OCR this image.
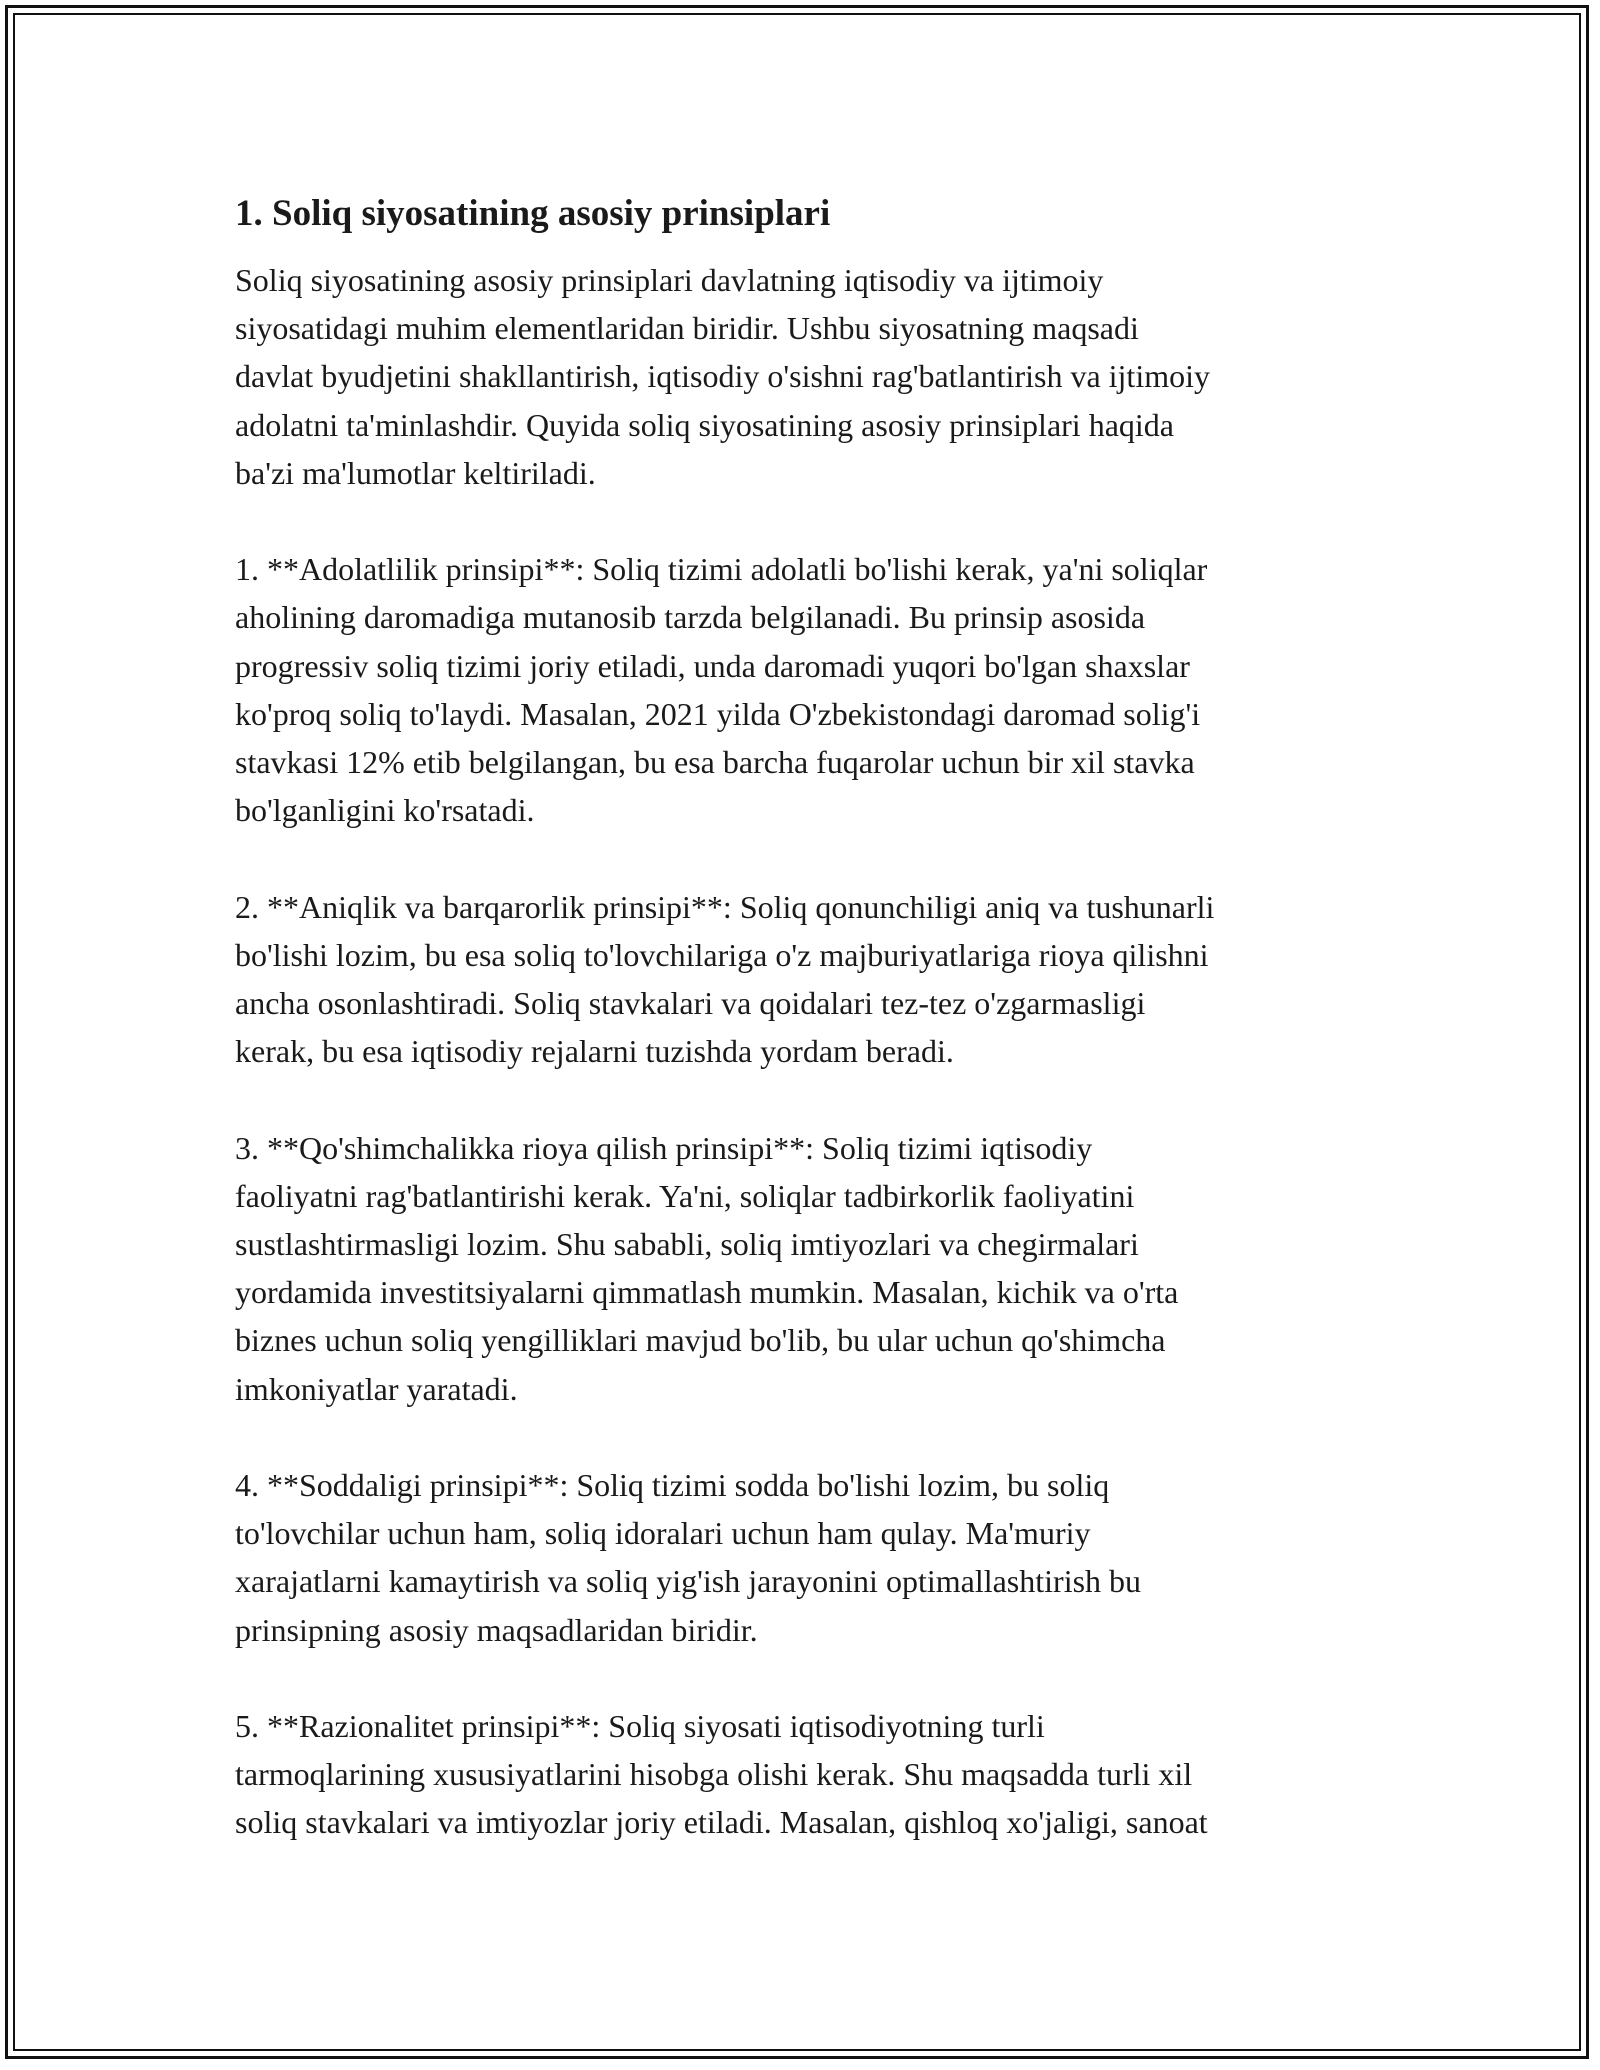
1. Soliq siyosatining asosiy prinsiplari

Soliq siyosatining asosiy prinsiplari davlatning iqtisodiy va ijtimoiy
siyosatidagi muhim elementlaridan biridir. Ushbu siyosatning maqsadi
davlat byudjetini shakllantirish, iqtisodiy o'sishni rag'batlantirish va ijtimoiy
adolatni ta'minlashdir. Quyida soliq siyosatining asosiy prinsiplari haqida
ba'zi ma'lumotlar keltiriladi.

1. **Adolatlilik prinsipi**: Soliq tizimi adolatli bo'lishi kerak, ya'ni soliqlar
aholining daromadiga mutanosib tarzda belgilanadi. Bu prinsip asosida
progressiv soliq tizimi joriy etiladi, unda daromadi yuqori bo'lgan shaxslar
ko'proq soliq to'laydi. Masalan, 2021 yilda O'zbekistondagi daromad solig'i
stavkasi 12% etib belgilangan, bu esa barcha fuqarolar uchun bir xil stavka
bo'lganligini ko'rsatadi.

2. **Aniqlik va barqarorlik prinsipi**: Soliq qonunchiligi aniq va tushunarli
bo'lishi lozim, bu esa soliq to'lovchilariga o'z majburiyatlariga rioya qilishni
ancha osonlashtiradi. Soliq stavkalari va qoidalari tez-tez o'zgarmasligi
kerak, bu esa iqtisodiy rejalarni tuzishda yordam beradi.

3. **Qo'shimchalikka rioya qilish prinsipi**: Soliq tizimi iqtisodiy
faoliyatni rag'batlantirishi kerak. Ya'ni, soliqlar tadbirkorlik faoliyatini
sustlashtirmasligi lozim. Shu sababli, soliq imtiyozlari va chegirmalari
yordamida investitsiyalarni qimmatlash mumkin. Masalan, kichik va o'rta
biznes uchun soliq yengilliklari mavjud bo'lib, bu ular uchun qo'shimcha
imkoniyatlar yaratadi.

4. **Soddaligi prinsipi**: Soliq tizimi sodda bo'lishi lozim, bu soliq
to'lovchilar uchun ham, soliq idoralari uchun ham qulay. Ma'muriy
xarajatlarni kamaytirish va soliq yig'ish jarayonini optimallashtirish bu
prinsipning asosiy maqsadlaridan biridir.

5. **Razionalitet prinsipi**: Soliq siyosati iqtisodiyotning turli
tarmoqlarining xususiyatlarini hisobga olishi kerak. Shu maqsadda turli xil
soliq stavkalari va imtiyozlar joriy etiladi. Masalan, qishloq xo'jaligi, sanoat
